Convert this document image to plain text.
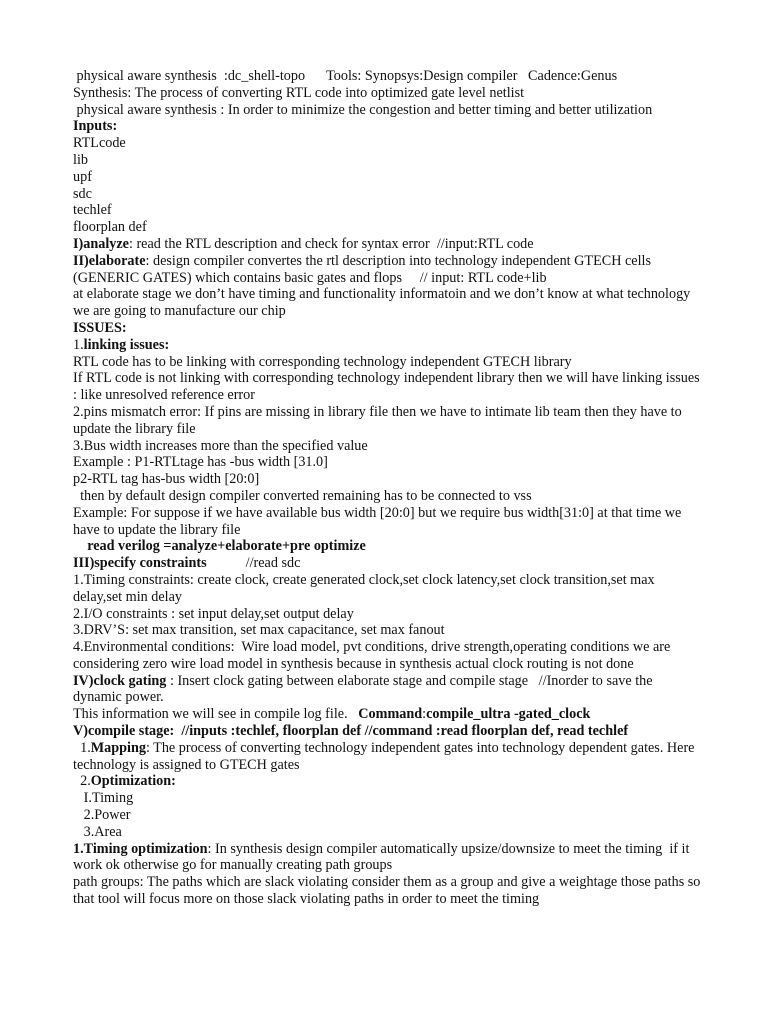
physical aware synthesis  :dc_shell-topo      Tools: Synopsys:Design compiler   Cadence:Genus
Synthesis: The process of converting RTL code into optimized gate level netlist
physical aware synthesis : In order to minimize the congestion and better timing and better utilization
Inputs:
RTLcode
lib
upf
sdc
techlef
floorplan def
I)analyze: read the RTL description and check for syntax error  //input:RTL code
II)elaborate: design compiler convertes the rtl description into technology independent GTECH cells (GENERIC GATES) which contains basic gates and flops     // input: RTL code+lib
at elaborate stage we don’t have timing and functionality informatoin and we don’t know at what technology we are going to manufacture our chip
ISSUES:
1.linking issues:
RTL code has to be linking with corresponding technology independent GTECH library
If RTL code is not linking with corresponding technology independent library then we will have linking issues : like unresolved reference error
2.pins mismatch error: If pins are missing in library file then we have to intimate lib team then they have to update the library file
3.Bus width increases more than the specified value
Example : P1-RTLtage has -bus width [31.0]
p2-RTL tag has-bus width [20:0]
then by default design compiler converted remaining has to be connected to vss
Example: For suppose if we have available bus width [20:0] but we require bus width[31:0] at that time we have to update the library file
read verilog =analyze+elaborate+pre optimize
III)specify constraints           //read sdc
1.Timing constraints: create clock, create generated clock,set clock latency,set clock transition,set max delay,set min delay
2.I/O constraints : set input delay,set output delay
3.DRV’S: set max transition, set max capacitance, set max fanout
4.Environmental conditions:  Wire load model, pvt conditions, drive strength,operating conditions we are considering zero wire load model in synthesis because in synthesis actual clock routing is not done
IV)clock gating : Insert clock gating between elaborate stage and compile stage   //Inorder to save the dynamic power.
This information we will see in compile log file.   Command:compile_ultra -gated_clock
V)compile stage:  //inputs :techlef, floorplan def //command :read floorplan def, read techlef
1.Mapping: The process of converting technology independent gates into technology dependent gates. Here technology is assigned to GTECH gates
2.Optimization:
I.Timing
2.Power
3.Area
1.Timing optimization: In synthesis design compiler automatically upsize/downsize to meet the timing  if it work ok otherwise go for manually creating path groups
path groups: The paths which are slack violating consider them as a group and give a weightage those paths so that tool will focus more on those slack violating paths in order to meet the timing
